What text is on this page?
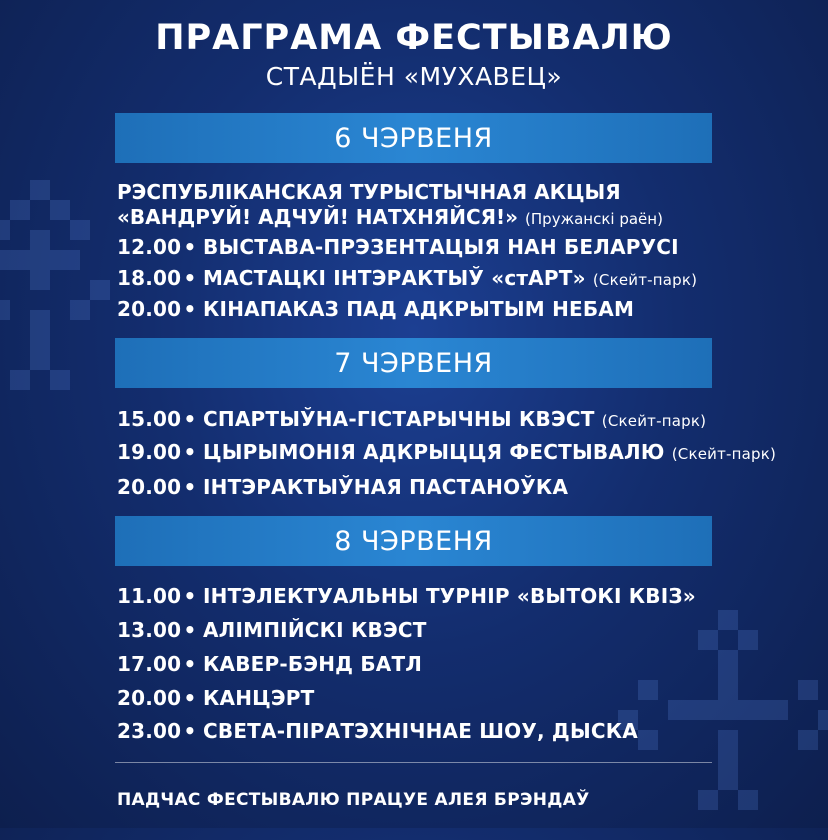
ПРАГРАМА ФЕСТЫВАЛЮ
СТАДЫЁН «МУХАВЕЦ»
6 ЧЭРВЕНЯ
РЭСПУБЛІКАНСКАЯ ТУРЫСТЫЧНАЯ АКЦЫЯ
«ВАНДРУЙ! АДЧУЙ! НАТХНЯЙСЯ!» (Пружанскі раён)
12.00 • ВЫСТАВА-ПРЭЗЕНТАЦЫЯ НАН БЕЛАРУСІ
18.00 • МАСТАЦКІ ІНТЭРАКТЫЎ «стАРТ» (Скейт-парк)
20.00 • КІНАПАКАЗ ПАД АДКРЫТЫМ НЕБАМ
7 ЧЭРВЕНЯ
15.00 • СПАРТЫЎНА-ГІСТАРЫЧНЫ КВЭСТ (Скейт-парк)
19.00 • ЦЫРЫМОНІЯ АДКРЫЦЦЯ ФЕСТЫВАЛЮ (Скейт-парк)
20.00 • ІНТЭРАКТЫЎНАЯ ПАСТАНОЎКА
8 ЧЭРВЕНЯ
11.00 • ІНТЭЛЕКТУАЛЬНЫ ТУРНІР «ВЫТОКІ КВІЗ»
13.00 • АЛІМПІЙСКІ КВЭСТ
17.00 • КАВЕР-БЭНД БАТЛ
20.00 • КАНЦЭРТ
23.00 • СВЕТА-ПІРАТЭХНІЧНАЕ ШОУ, ДЫСКА
ПАДЧАС ФЕСТЫВАЛЮ ПРАЦУЕ АЛЕЯ БРЭНДАЎ
